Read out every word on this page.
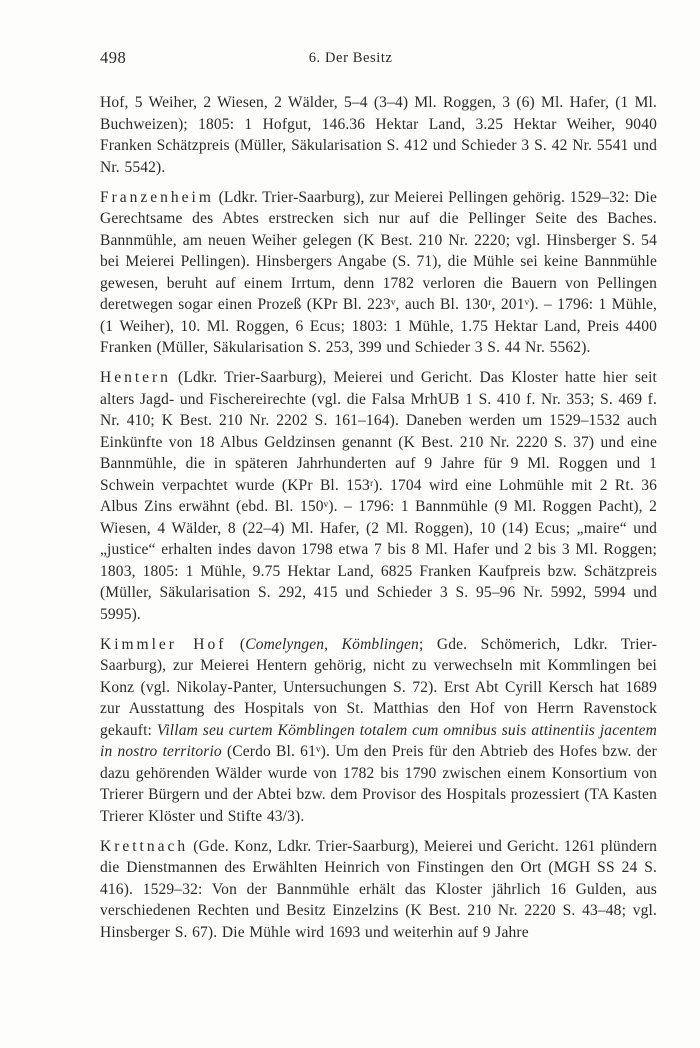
498	6. Der Besitz

Hof, 5 Weiher, 2 Wiesen, 2 Wälder, 5–4 (3–4) Ml. Roggen, 3 (6) Ml. Hafer, (1 Ml. Buchweizen); 1805: 1 Hofgut, 146.36 Hektar Land, 3.25 Hektar Weiher, 9040 Franken Schätzpreis (Müller, Säkularisation S. 412 und Schieder 3 S. 42 Nr. 5541 und Nr. 5542).

Franzenheim (Ldkr. Trier-Saarburg), zur Meierei Pellingen gehörig. 1529–32: Die Gerechtsame des Abtes erstrecken sich nur auf die Pellinger Seite des Baches. Bannmühle, am neuen Weiher gelegen (K Best. 210 Nr. 2220; vgl. Hinsberger S. 54 bei Meierei Pellingen). Hinsbergers Angabe (S. 71), die Mühle sei keine Bannmühle gewesen, beruht auf einem Irrtum, denn 1782 verloren die Bauern von Pellingen deretwegen sogar einen Prozeß (KPr Bl. 223ᵛ, auch Bl. 130ʳ, 201ᵛ). – 1796: 1 Mühle, (1 Weiher), 10. Ml. Roggen, 6 Ecus; 1803: 1 Mühle, 1.75 Hektar Land, Preis 4400 Franken (Müller, Säkularisation S. 253, 399 und Schieder 3 S. 44 Nr. 5562).

Hentern (Ldkr. Trier-Saarburg), Meierei und Gericht. Das Kloster hatte hier seit alters Jagd- und Fischereirechte (vgl. die Falsa MrhUB 1 S. 410 f. Nr. 353; S. 469 f. Nr. 410; K Best. 210 Nr. 2202 S. 161–164). Daneben werden um 1529–1532 auch Einkünfte von 18 Albus Geldzinsen genannt (K Best. 210 Nr. 2220 S. 37) und eine Bannmühle, die in späteren Jahrhunderten auf 9 Jahre für 9 Ml. Roggen und 1 Schwein verpachtet wurde (KPr Bl. 153ʳ). 1704 wird eine Lohmühle mit 2 Rt. 36 Albus Zins erwähnt (ebd. Bl. 150ᵛ). – 1796: 1 Bannmühle (9 Ml. Roggen Pacht), 2 Wiesen, 4 Wälder, 8 (22–4) Ml. Hafer, (2 Ml. Roggen), 10 (14) Ecus; „maire“ und „justice“ erhalten indes davon 1798 etwa 7 bis 8 Ml. Hafer und 2 bis 3 Ml. Roggen; 1803, 1805: 1 Mühle, 9.75 Hektar Land, 6825 Franken Kaufpreis bzw. Schätzpreis (Müller, Säkularisation S. 292, 415 und Schieder 3 S. 95–96 Nr. 5992, 5994 und 5995).

Kimmler Hof (Comelyngen, Kömblingen; Gde. Schömerich, Ldkr. Trier-Saarburg), zur Meierei Hentern gehörig, nicht zu verwechseln mit Kommlingen bei Konz (vgl. Nikolay-Panter, Untersuchungen S. 72). Erst Abt Cyrill Kersch hat 1689 zur Ausstattung des Hospitals von St. Matthias den Hof von Herrn Ravenstock gekauft: Villam seu curtem Kömblingen totalem cum omnibus suis attinentiis jacentem in nostro territorio (Cerdo Bl. 61ᵛ). Um den Preis für den Abtrieb des Hofes bzw. der dazu gehörenden Wälder wurde von 1782 bis 1790 zwischen einem Konsortium von Trierer Bürgern und der Abtei bzw. dem Provisor des Hospitals prozessiert (TA Kasten Trierer Klöster und Stifte 43/3).

Krettnach (Gde. Konz, Ldkr. Trier-Saarburg), Meierei und Gericht. 1261 plündern die Dienstmannen des Erwählten Heinrich von Finstingen den Ort (MGH SS 24 S. 416). 1529–32: Von der Bannmühle erhält das Kloster jährlich 16 Gulden, aus verschiedenen Rechten und Besitz Einzelzins (K Best. 210 Nr. 2220 S. 43–48; vgl. Hinsberger S. 67). Die Mühle wird 1693 und weiterhin auf 9 Jahre
